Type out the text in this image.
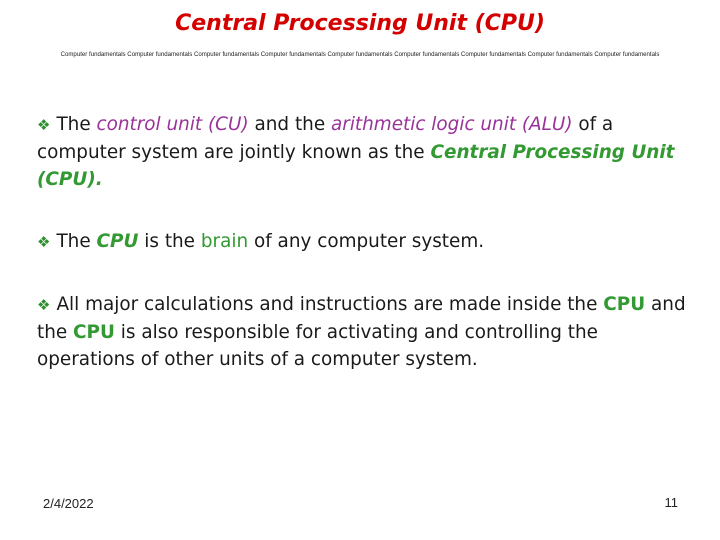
Central Processing Unit (CPU)
Computer fundamentals Computer fundamentals Computer fundamentals Computer fundamentals Computer fundamentals Computer fundamentals Computer fundamentals Computer fundamentals Computer fundamentals
❖ The control unit (CU) and the arithmetic logic unit (ALU) of a computer system are jointly known as the Central Processing Unit (CPU).
❖ The CPU is the brain of any computer system.
❖ All major calculations and instructions are made inside the CPU and the CPU is also responsible for activating and controlling the operations of other units of a computer system.
2/4/2022	11
